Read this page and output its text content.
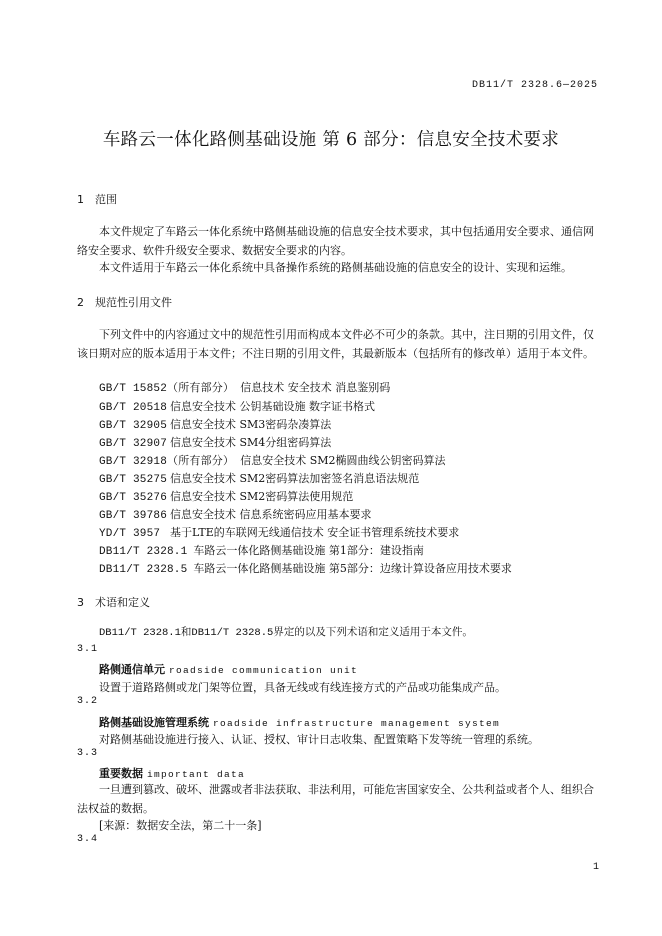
DB11/T 2328.6—2025
车路云一体化路侧基础设施 第 6 部分：信息安全技术要求
1 范围
本文件规定了车路云一体化系统中路侧基础设施的信息安全技术要求，其中包括通用安全要求、通信网络安全要求、软件升级安全要求、数据安全要求的内容。
本文件适用于车路云一体化系统中具备操作系统的路侧基础设施的信息安全的设计、实现和运维。
2 规范性引用文件
下列文件中的内容通过文中的规范性引用而构成本文件必不可少的条款。其中，注日期的引用文件，仅该日期对应的版本适用于本文件；不注日期的引用文件，其最新版本（包括所有的修改单）适用于本文件。
GB/T 15852（所有部分） 信息技术 安全技术 消息鉴别码
GB/T 20518 信息安全技术 公钥基础设施 数字证书格式
GB/T 32905 信息安全技术 SM3密码杂凑算法
GB/T 32907 信息安全技术 SM4分组密码算法
GB/T 32918（所有部分） 信息安全技术 SM2椭圆曲线公钥密码算法
GB/T 35275 信息安全技术 SM2密码算法加密签名消息语法规范
GB/T 35276 信息安全技术 SM2密码算法使用规范
GB/T 39786 信息安全技术 信息系统密码应用基本要求
YD/T 3957 基于LTE的车联网无线通信技术 安全证书管理系统技术要求
DB11/T 2328.1 车路云一体化路侧基础设施 第1部分：建设指南
DB11/T 2328.5 车路云一体化路侧基础设施 第5部分：边缘计算设备应用技术要求
3 术语和定义
DB11/T 2328.1和DB11/T 2328.5界定的以及下列术语和定义适用于本文件。
3.1
路侧通信单元 roadside communication unit
设置于道路路侧或龙门架等位置，具备无线或有线连接方式的产品或功能集成产品。
3.2
路侧基础设施管理系统 roadside infrastructure management system
对路侧基础设施进行接入、认证、授权、审计日志收集、配置策略下发等统一管理的系统。
3.3
重要数据 important data
一旦遭到篡改、破坏、泄露或者非法获取、非法利用，可能危害国家安全、公共利益或者个人、组织合法权益的数据。
[来源：数据安全法，第二十一条]
3.4
1
